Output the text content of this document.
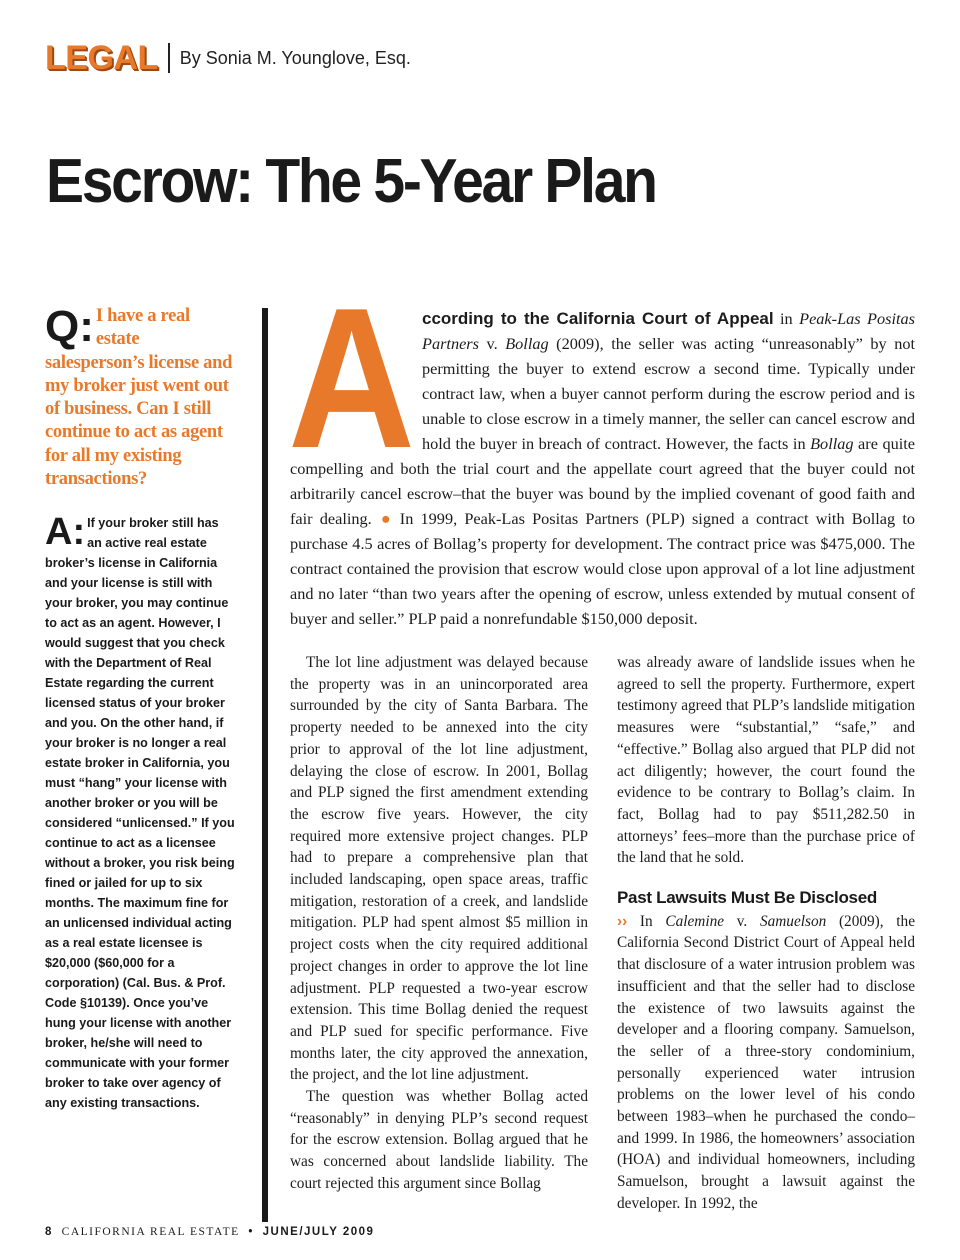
LEGAL By Sonia M. Younglove, Esq.
Escrow: The 5-Year Plan
Q: I have a real estate salesperson’s license and my broker just went out of business. Can I still continue to act as agent for all my existing transactions?
A: If your broker still has an active real estate broker’s license in California and your license is still with your broker, you may continue to act as an agent. However, I would suggest that you check with the Department of Real Estate regarding the current licensed status of your broker and you. On the other hand, if your broker is no longer a real estate broker in California, you must “hang” your license with another broker or you will be considered “unlicensed.” If you continue to act as a licensee without a broker, you risk being fined or jailed for up to six months. The maximum fine for an unlicensed individual acting as a real estate licensee is $20,000 ($60,000 for a corporation) (Cal. Bus. & Prof. Code §10139). Once you’ve hung your license with another broker, he/she will need to communicate with your former broker to take over agency of any existing transactions.
A ccording to the California Court of Appeal in Peak-Las Positas Partners v. Bollag (2009), the seller was acting “unreasonably” by not permitting the buyer to extend escrow a second time. Typically under contract law, when a buyer cannot perform during the escrow period and is unable to close escrow in a timely manner, the seller can cancel escrow and hold the buyer in breach of contract. However, the facts in Bollag are quite compelling and both the trial court and the appellate court agreed that the buyer could not arbitrarily cancel escrow–that the buyer was bound by the implied covenant of good faith and fair dealing. ● In 1999, Peak-Las Positas Partners (PLP) signed a contract with Bollag to purchase 4.5 acres of Bollag’s property for development. The contract price was $475,000. The contract contained the provision that escrow would close upon approval of a lot line adjustment and no later “than two years after the opening of escrow, unless extended by mutual consent of buyer and seller.” PLP paid a nonrefundable $150,000 deposit.

The lot line adjustment was delayed because the property was in an unincorporated area surrounded by the city of Santa Barbara. The property needed to be annexed into the city prior to approval of the lot line adjustment, delaying the close of escrow. In 2001, Bollag and PLP signed the first amendment extending the escrow five years. However, the city required more extensive project changes. PLP had to prepare a comprehensive plan that included landscaping, open space areas, traffic mitigation, restoration of a creek, and landslide mitigation. PLP had spent almost $5 million in project costs when the city required additional project changes in order to approve the lot line adjustment. PLP requested a two-year escrow extension. This time Bollag denied the request and PLP sued for specific performance. Five months later, the city approved the annexation, the project, and the lot line adjustment.

The question was whether Bollag acted “reasonably” in denying PLP’s second request for the escrow extension. Bollag argued that he was concerned about landslide liability. The court rejected this argument since Bollag

was already aware of landslide issues when he agreed to sell the property. Furthermore, expert testimony agreed that PLP’s landslide mitigation measures were “substantial,” “safe,” and “effective.” Bollag also argued that PLP did not act diligently; however, the court found the evidence to be contrary to Bollag’s claim. In fact, Bollag had to pay $511,282.50 in attorneys’ fees–more than the purchase price of the land that he sold.

Past Lawsuits Must Be Disclosed

›› In Calemine v. Samuelson (2009), the California Second District Court of Appeal held that disclosure of a water intrusion problem was insufficient and that the seller had to disclose the existence of two lawsuits against the developer and a flooring company. Samuelson, the seller of a three-story condominium, personally experienced water intrusion problems on the lower level of his condo between 1983–when he purchased the condo–and 1999. In 1986, the homeowners’ association (HOA) and individual homeowners, including Samuelson, brought a lawsuit against the developer. In 1992, the

8 CALIFORNIA REAL ESTATE • JUNE/JULY 2009
